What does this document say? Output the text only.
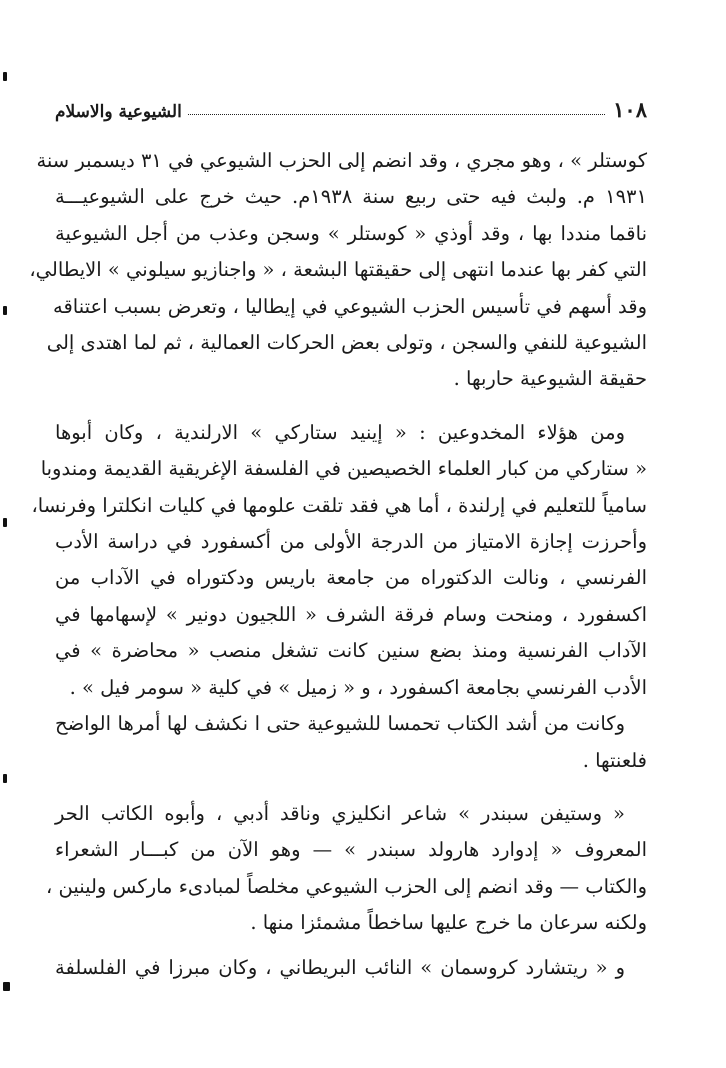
١٠٨
الشيوعية والاسلام
كوستلر » ، وهو مجري ، وقد انضم إلى الحزب الشيوعي في ٣١ ديسمبر سنة
١٩٣١ م. ولبث فيه حتى ربيع سنة ١٩٣٨م. حيث خرج على الشيوعيـــة
ناقما منددا بها ، وقد أوذي « كوستلر » وسجن وعذب من أجل الشيوعية
التي كفر بها عندما انتهى إلى حقيقتها البشعة ، « واجنازيو سيلوني » الايطالي،
وقد أسهم في تأسيس الحزب الشيوعي في إيطاليا ، وتعرض بسبب اعتناقه
الشيوعية للنفي والسجن ، وتولى بعض الحركات العمالية ، ثم لما اهتدى إلى
حقيقة الشيوعية حاربها .
ومن هؤلاء المخدوعين : « إينيد ستاركي » الارلندية ، وكان أبوها
« ستاركي من كبار العلماء الخصيصين في الفلسفة الإغريقية القديمة ومندوبا
سامياً للتعليم في إرلندة ، أما هي فقد تلقت علومها في كليات انكلترا وفرنسا،
وأحرزت إجازة الامتياز من الدرجة الأولى من أكسفورد في دراسة الأدب
الفرنسي ، ونالت الدكتوراه من جامعة باريس ودكتوراه في الآداب من
اكسفورد ، ومنحت وسام فرقة الشرف « اللجيون دونير » لإسهامها في
الآداب الفرنسية ومنذ بضع سنين كانت تشغل منصب « محاضرة » في
الأدب الفرنسي بجامعة اكسفورد ، و « زميل » في كلية « سومر فيل » .
وكانت من أشد الكتاب تحمسا للشيوعية حتى ا نكشف لها أمرها الواضح
فلعنتها .
« وستيفن سبندر » شاعر انكليزي وناقد أدبي ، وأبوه الكاتب الحر
المعروف « إدوارد هارولد سبندر » — وهو الآن من كبـــار الشعراء
والكتاب — وقد انضم إلى الحزب الشيوعي مخلصاً لمبادىء ماركس ولينين ،
ولكنه سرعان ما خرج عليها ساخطاً مشمئزا منها .
و « ريتشارد كروسمان » النائب البريطاني ، وكان مبرزا في الفلسلفة
